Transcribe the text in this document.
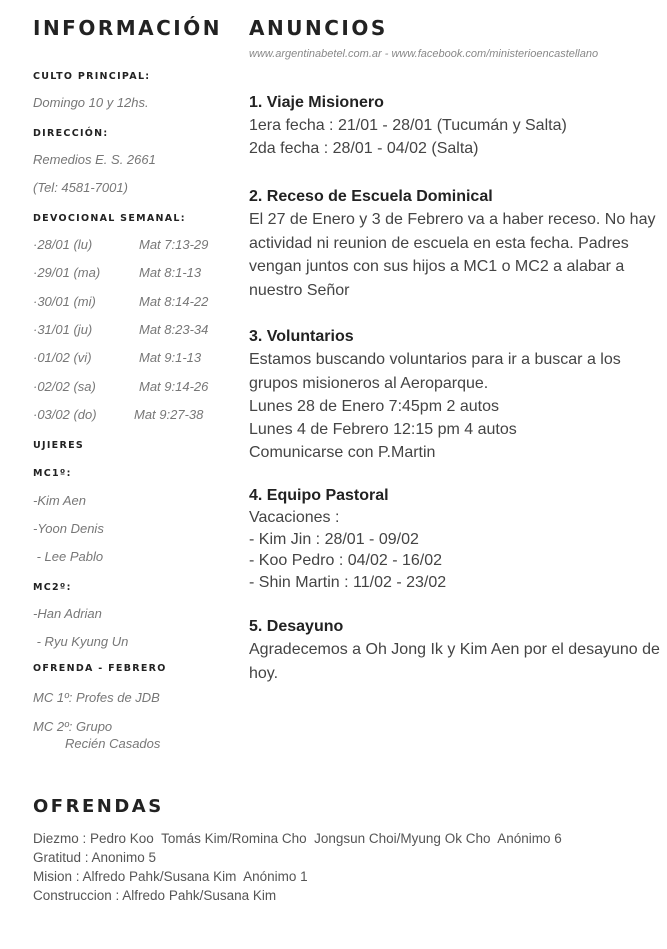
INFORMACIÓN
CULTO PRINCIPAL:
Domingo 10 y 12hs.
DIRECCIÓN:
Remedios E. S. 2661
(Tel: 4581-7001)
DEVOCIONAL SEMANAL:
·28/01 (lu)	Mat 7:13-29
·29/01 (ma)	Mat 8:1-13
·30/01 (mi)	Mat 8:14-22
·31/01 (ju)	Mat 8:23-34
·01/02 (vi)	Mat 9:1-13
·02/02 (sa)	Mat 9:14-26
·03/02 (do)	Mat 9:27-38
UJIERES
MC1º:
-Kim Aen
-Yoon Denis
- Lee Pablo
MC2º:
-Han Adrian
- Ryu Kyung Un
OFRENDA - FEBRERO
MC 1º: Profes de JDB
MC 2º: Grupo
Recién Casados
ANUNCIOS
www.argentinabetel.com.ar - www.facebook.com/ministerioencastellano
1. Viaje Misionero
1era fecha : 21/01 - 28/01 (Tucumán y Salta)
2da fecha : 28/01 - 04/02 (Salta)
2. Receso de Escuela Dominical
El 27 de Enero y 3 de Febrero va a haber receso. No hay actividad ni reunion de escuela en esta fecha. Padres vengan juntos con sus hijos a MC1 o MC2 a alabar a nuestro Señor
3. Voluntarios
Estamos buscando voluntarios para ir a buscar a los grupos misioneros al Aeroparque.
Lunes 28 de Enero 7:45pm 2 autos
Lunes 4 de Febrero 12:15 pm 4 autos
Comunicarse con P.Martin
4. Equipo Pastoral
Vacaciones :
- Kim Jin : 28/01 - 09/02
- Koo Pedro : 04/02 - 16/02
- Shin Martin : 11/02 - 23/02
5. Desayuno
Agradecemos a Oh Jong Ik y Kim Aen por el desayuno de hoy.
OFRENDAS
Diezmo : Pedro Koo  Tomás Kim/Romina Cho  Jongsun Choi/Myung Ok Cho  Anónimo 6
Gratitud : Anonimo 5
Mision : Alfredo Pahk/Susana Kim  Anónimo 1
Construccion : Alfredo Pahk/Susana Kim
